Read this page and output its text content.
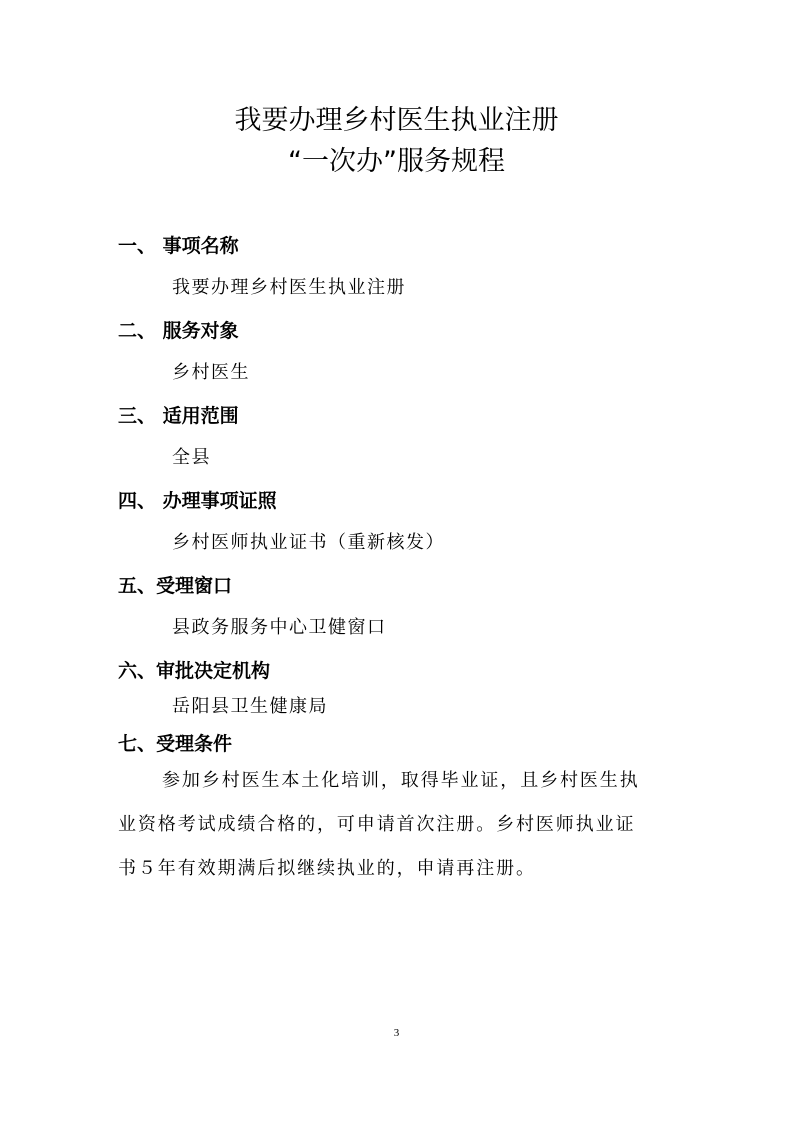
我要办理乡村医生执业注册
“一次办”服务规程
一、 事项名称
我要办理乡村医生执业注册
二、 服务对象
乡村医生
三、 适用范围
全县
四、 办理事项证照
乡村医师执业证书（重新核发）
五、受理窗口
县政务服务中心卫健窗口
六、审批决定机构
岳阳县卫生健康局
七、受理条件
参加乡村医生本土化培训，取得毕业证，且乡村医生执
业资格考试成绩合格的，可申请首次注册。乡村医师执业证
书５年有效期满后拟继续执业的，申请再注册。
3
